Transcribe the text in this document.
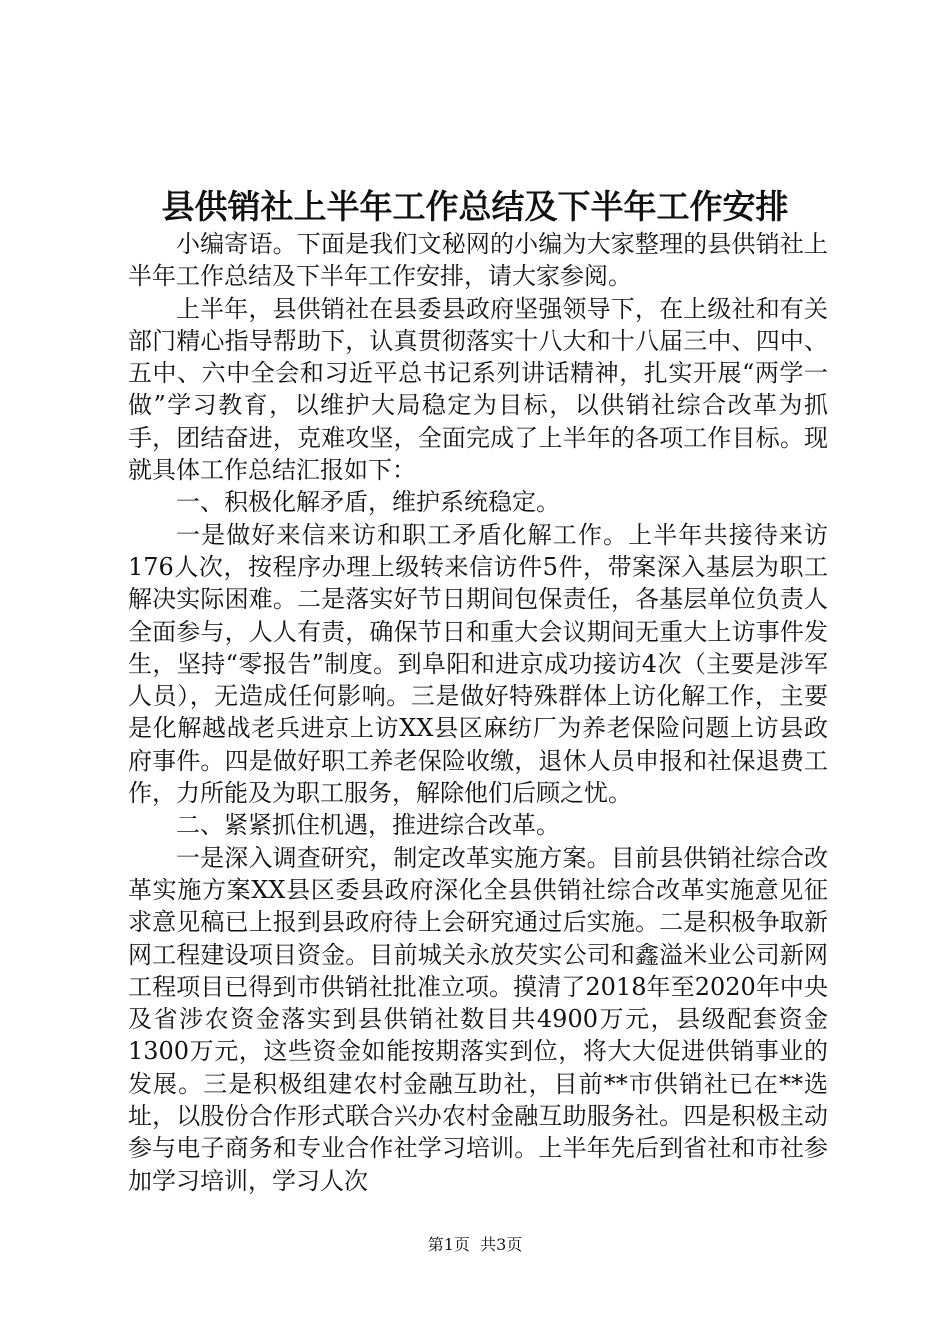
县供销社上半年工作总结及下半年工作安排

小编寄语。下面是我们文秘网的小编为大家整理的县供销社上半年工作总结及下半年工作安排，请大家参阅。

上半年，县供销社在县委县政府坚强领导下，在上级社和有关部门精心指导帮助下，认真贯彻落实十八大和十八届三中、四中、五中、六中全会和习近平总书记系列讲话精神，扎实开展“两学一做”学习教育，以维护大局稳定为目标，以供销社综合改革为抓手，团结奋进，克难攻坚，全面完成了上半年的各项工作目标。现就具体工作总结汇报如下：

一、积极化解矛盾，维护系统稳定。

一是做好来信来访和职工矛盾化解工作。上半年共接待来访176人次，按程序办理上级转来信访件5件，带案深入基层为职工解决实际困难。二是落实好节日期间包保责任，各基层单位负责人全面参与，人人有责，确保节日和重大会议期间无重大上访事件发生，坚持“零报告”制度。到阜阳和进京成功接访4次（主要是涉军人员），无造成任何影响。三是做好特殊群体上访化解工作，主要是化解越战老兵进京上访XX县区麻纺厂为养老保险问题上访县政府事件。四是做好职工养老保险收缴，退休人员申报和社保退费工作，力所能及为职工服务，解除他们后顾之忧。

二、紧紧抓住机遇，推进综合改革。

一是深入调查研究，制定改革实施方案。目前县供销社综合改革实施方案XX县区委县政府深化全县供销社综合改革实施意见征求意见稿已上报到县政府待上会研究通过后实施。二是积极争取新网工程建设项目资金。目前城关永放芡实公司和鑫溢米业公司新网工程项目已得到市供销社批准立项。摸清了2018年至2020年中央及省涉农资金落实到县供销社数目共4900万元，县级配套资金1300万元，这些资金如能按期落实到位，将大大促进供销事业的发展。三是积极组建农村金融互助社，目前**市供销社已在**选址，以股份合作形式联合兴办农村金融互助服务社。四是积极主动参与电子商务和专业合作社学习培训。上半年先后到省社和市社参加学习培训，学习人次

第1页 共3页
